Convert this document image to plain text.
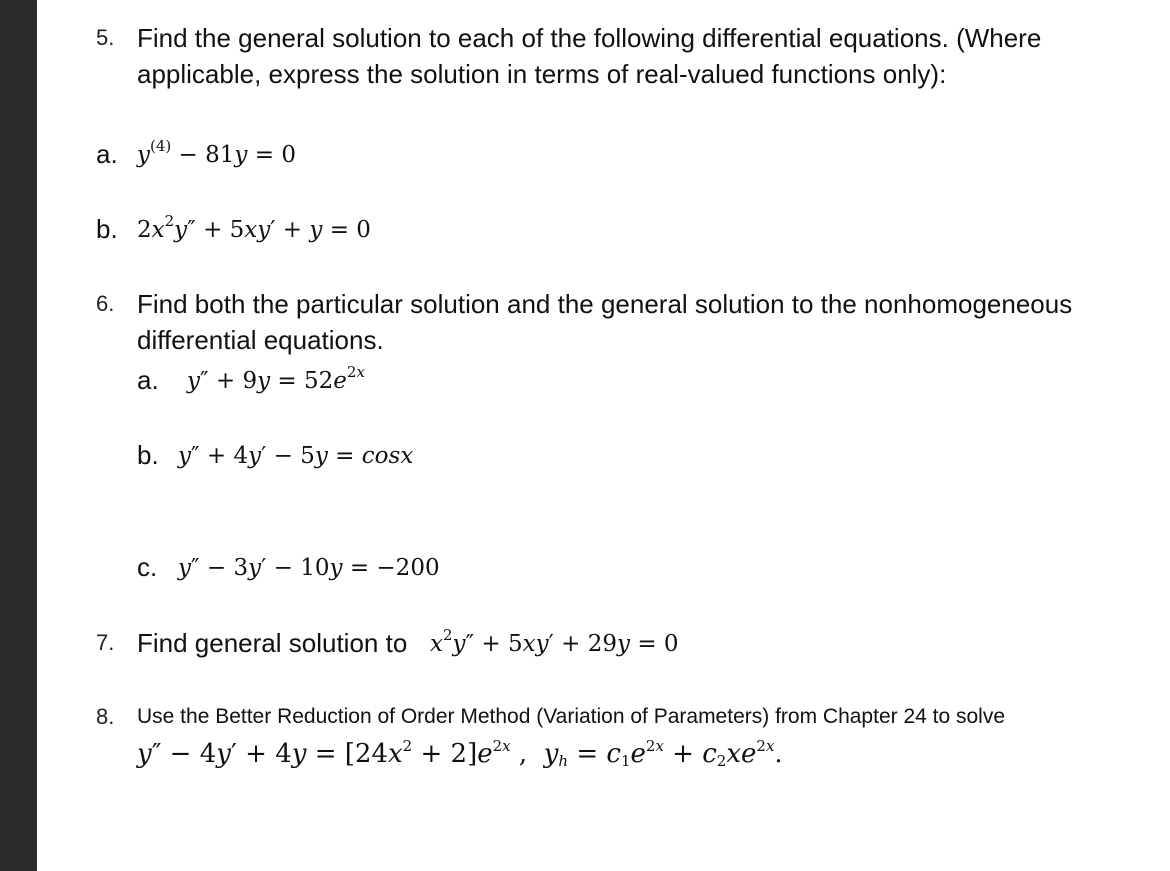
5. Find the general solution to each of the following differential equations. (Where
applicable, express the solution in terms of real-valued functions only):
a. $y^{(4)} - 81y = 0$
b. $2x^2y'' + 5xy' + y = 0$
6. Find both the particular solution and the general solution to the nonhomogeneous
differential equations.
a. $y'' + 9y = 52e^{2x}$
b. y″ + 4y′ − 5y = cosx
c. y″ − 3y′ − 10y = −200
7. Find general solution to $x^2y'' + 5xy' + 29y = 0$
8. Use the Better Reduction of Order Method (Variation of Parameters) from Chapter 24 to solve
$y'' - 4y' + 4y = [24x^2 + 2]e^{2x}$ ,  $y_h = c_1e^{2x} + c_2xe^{2x}$.
